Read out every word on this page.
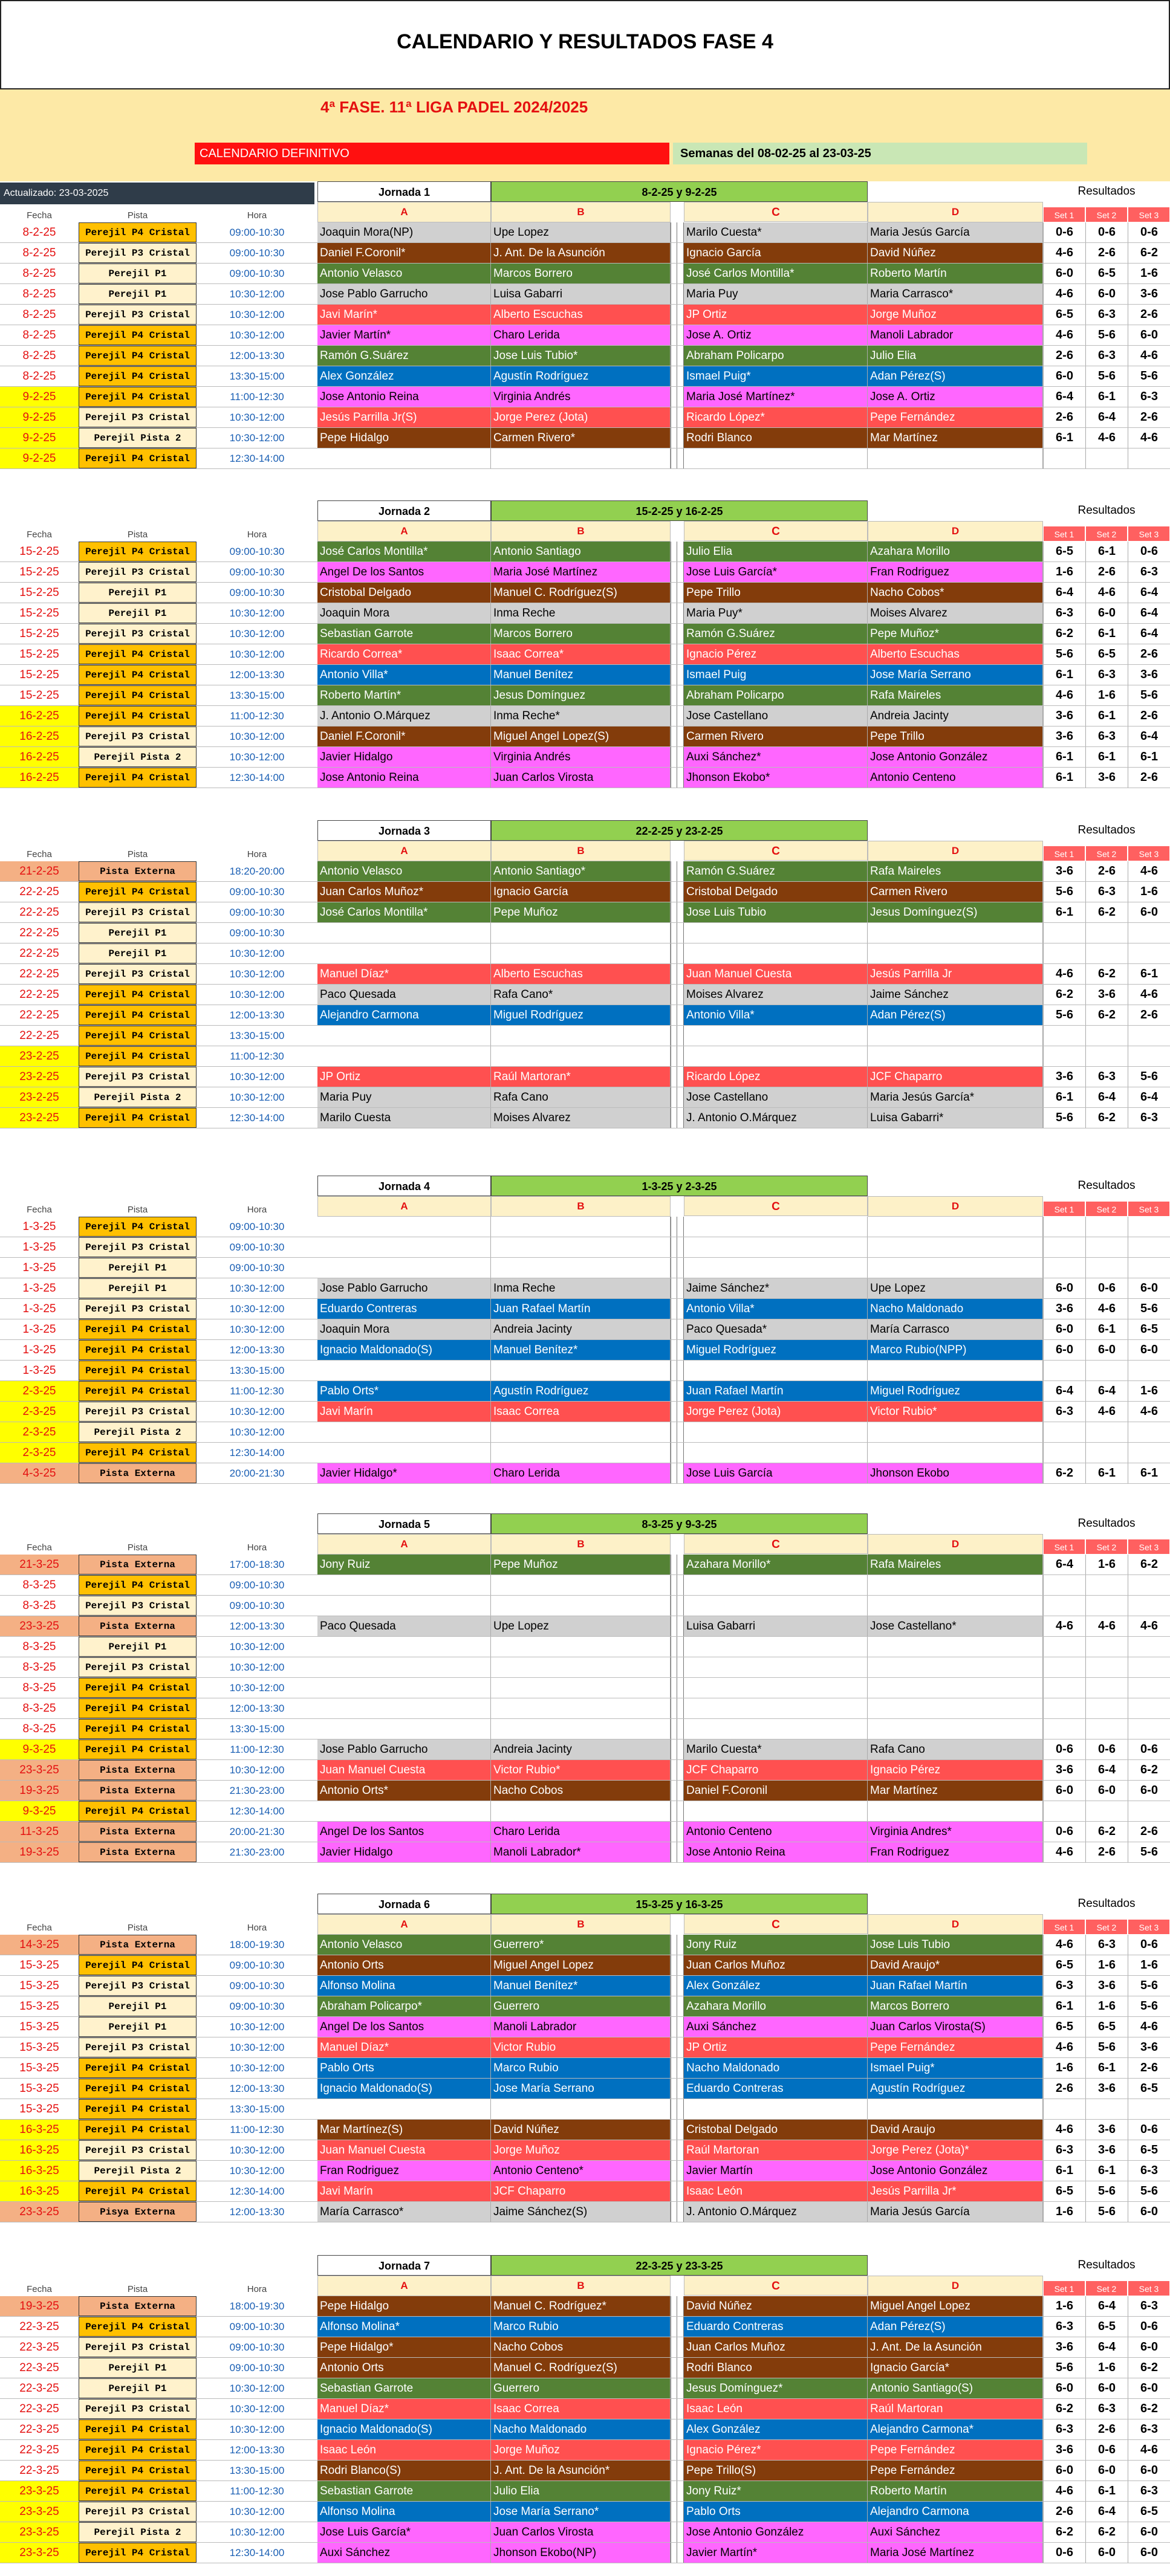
CALENDARIO Y RESULTADOS FASE 4
4ª FASE. 11ª LIGA PADEL 2024/2025
CALENDARIO DEFINITIVO	Semanas del 08-02-25 al 23-03-25
Actualizado: 23-03-2025	Jornada 1	8-2-25 y 9-2-25	Resultados
Fecha	Pista	Hora	A	B	C	D	Set 1	Set 2	Set 3
8-2-25	Perejil P4 Cristal	09:00-10:30	Joaquin Mora(NP)	Upe Lopez	Marilo Cuesta*	Maria Jesús García	0-6	0-6	0-6
8-2-25	Perejil P3 Cristal	09:00-10:30	Daniel F.Coronil*	J. Ant. De la Asunción	Ignacio García	David Núñez	4-6	2-6	6-2
8-2-25	Perejil P1	09:00-10:30	Antonio Velasco	Marcos Borrero	José Carlos Montilla*	Roberto Martín	6-0	6-5	1-6
8-2-25	Perejil P1	10:30-12:00	Jose Pablo Garrucho	Luisa Gabarri	Maria Puy	Maria Carrasco*	4-6	6-0	3-6
8-2-25	Perejil P3 Cristal	10:30-12:00	Javi Marín*	Alberto Escuchas	JP Ortiz	Jorge Muñoz	6-5	6-3	2-6
8-2-25	Perejil P4 Cristal	10:30-12:00	Javier Martín*	Charo Lerida	Jose A. Ortiz	Manoli Labrador	4-6	5-6	6-0
8-2-25	Perejil P4 Cristal	12:00-13:30	Ramón G.Suárez	Jose Luis Tubio*	Abraham Policarpo	Julio Elia	2-6	6-3	4-6
8-2-25	Perejil P4 Cristal	13:30-15:00	Alex González	Agustín Rodríguez	Ismael Puig*	Adan Pérez(S)	6-0	5-6	5-6
9-2-25	Perejil P4 Cristal	11:00-12:30	Jose Antonio Reina	Virginia Andrés	Maria José Martínez*	Jose A. Ortiz	6-4	6-1	6-3
9-2-25	Perejil P3 Cristal	10:30-12:00	Jesús Parrilla Jr(S)	Jorge Perez (Jota)	Ricardo López*	Pepe Fernández	2-6	6-4	2-6
9-2-25	Perejil Pista 2	10:30-12:00	Pepe Hidalgo	Carmen Rivero*	Rodri Blanco	Mar Martínez	6-1	4-6	4-6
9-2-25	Perejil P4 Cristal	12:30-14:00
Jornada 2	15-2-25 y 16-2-25	Resultados
Fecha	Pista	Hora	A	B	C	D	Set 1	Set 2	Set 3
15-2-25	Perejil P4 Cristal	09:00-10:30	José Carlos Montilla*	Antonio Santiago	Julio Elia	Azahara Morillo	6-5	6-1	0-6
15-2-25	Perejil P3 Cristal	09:00-10:30	Angel De los Santos	Maria José Martínez	Jose Luis García*	Fran Rodriguez	1-6	2-6	6-3
15-2-25	Perejil P1	09:00-10:30	Cristobal Delgado	Manuel C. Rodríguez(S)	Pepe Trillo	Nacho Cobos*	6-4	4-6	6-4
15-2-25	Perejil P1	10:30-12:00	Joaquin Mora	Inma Reche	Maria Puy*	Moises Alvarez	6-3	6-0	6-4
15-2-25	Perejil P3 Cristal	10:30-12:00	Sebastian Garrote	Marcos Borrero	Ramón G.Suárez	Pepe Muñoz*	6-2	6-1	6-4
15-2-25	Perejil P4 Cristal	10:30-12:00	Ricardo Correa*	Isaac Correa*	Ignacio Pérez	Alberto Escuchas	5-6	6-5	2-6
15-2-25	Perejil P4 Cristal	12:00-13:30	Antonio Villa*	Manuel Benítez	Ismael Puig	Jose María Serrano	6-1	6-3	3-6
15-2-25	Perejil P4 Cristal	13:30-15:00	Roberto Martín*	Jesus Domínguez	Abraham Policarpo	Rafa Maireles	4-6	1-6	5-6
16-2-25	Perejil P4 Cristal	11:00-12:30	J. Antonio O.Márquez	Inma Reche*	Jose Castellano	Andreia Jacinty	3-6	6-1	2-6
16-2-25	Perejil P3 Cristal	10:30-12:00	Daniel F.Coronil*	Miguel Angel Lopez(S)	Carmen Rivero	Pepe Trillo	3-6	6-3	6-4
16-2-25	Perejil Pista 2	10:30-12:00	Javier Hidalgo	Virginia Andrés	Auxi Sánchez*	Jose Antonio González	6-1	6-1	6-1
16-2-25	Perejil P4 Cristal	12:30-14:00	Jose Antonio Reina	Juan Carlos Virosta	Jhonson Ekobo*	Antonio Centeno	6-1	3-6	2-6
Jornada 3	22-2-25 y 23-2-25	Resultados
Fecha	Pista	Hora	A	B	C	D	Set 1	Set 2	Set 3
21-2-25	Pista Externa	18:20-20:00	Antonio Velasco	Antonio Santiago*	Ramón G.Suárez	Rafa Maireles	3-6	2-6	4-6
22-2-25	Perejil P4 Cristal	09:00-10:30	Juan Carlos Muñoz*	Ignacio García	Cristobal Delgado	Carmen Rivero	5-6	6-3	1-6
22-2-25	Perejil P3 Cristal	09:00-10:30	José Carlos Montilla*	Pepe Muñoz	Jose Luis Tubio	Jesus Domínguez(S)	6-1	6-2	6-0
22-2-25	Perejil P1	09:00-10:30
22-2-25	Perejil P1	10:30-12:00
22-2-25	Perejil P3 Cristal	10:30-12:00	Manuel Díaz*	Alberto Escuchas	Juan Manuel Cuesta	Jesús Parrilla Jr	4-6	6-2	6-1
22-2-25	Perejil P4 Cristal	10:30-12:00	Paco Quesada	Rafa Cano*	Moises Alvarez	Jaime Sánchez	6-2	3-6	4-6
22-2-25	Perejil P4 Cristal	12:00-13:30	Alejandro Carmona	Miguel Rodríguez	Antonio Villa*	Adan Pérez(S)	5-6	6-2	2-6
22-2-25	Perejil P4 Cristal	13:30-15:00
23-2-25	Perejil P4 Cristal	11:00-12:30
23-2-25	Perejil P3 Cristal	10:30-12:00	JP Ortiz	Raúl Martoran*	Ricardo López	JCF Chaparro	3-6	6-3	5-6
23-2-25	Perejil Pista 2	10:30-12:00	Maria Puy	Rafa Cano	Jose Castellano	Maria Jesús García*	6-1	6-4	6-4
23-2-25	Perejil P4 Cristal	12:30-14:00	Marilo Cuesta	Moises Alvarez	J. Antonio O.Márquez	Luisa Gabarri*	5-6	6-2	6-3
Jornada 4	1-3-25 y 2-3-25	Resultados
Fecha	Pista	Hora	A	B	C	D	Set 1	Set 2	Set 3
1-3-25	Perejil P4 Cristal	09:00-10:30
1-3-25	Perejil P3 Cristal	09:00-10:30
1-3-25	Perejil P1	09:00-10:30
1-3-25	Perejil P1	10:30-12:00	Jose Pablo Garrucho	Inma Reche	Jaime Sánchez*	Upe Lopez	6-0	0-6	6-0
1-3-25	Perejil P3 Cristal	10:30-12:00	Eduardo Contreras	Juan Rafael Martín	Antonio Villa*	Nacho Maldonado	3-6	4-6	5-6
1-3-25	Perejil P4 Cristal	10:30-12:00	Joaquin Mora	Andreia Jacinty	Paco Quesada*	María Carrasco	6-0	6-1	6-5
1-3-25	Perejil P4 Cristal	12:00-13:30	Ignacio Maldonado(S)	Manuel Benítez*	Miguel Rodríguez	Marco Rubio(NPP)	6-0	6-0	6-0
1-3-25	Perejil P4 Cristal	13:30-15:00
2-3-25	Perejil P4 Cristal	11:00-12:30	Pablo Orts*	Agustín Rodríguez	Juan Rafael Martín	Miguel Rodríguez	6-4	6-4	1-6
2-3-25	Perejil P3 Cristal	10:30-12:00	Javi Marín	Isaac Correa	Jorge Perez (Jota)	Victor Rubio*	6-3	4-6	4-6
2-3-25	Perejil Pista 2	10:30-12:00
2-3-25	Perejil P4 Cristal	12:30-14:00
4-3-25	Pista Externa	20:00-21:30	Javier Hidalgo*	Charo Lerida	Jose Luis García	Jhonson Ekobo	6-2	6-1	6-1
Jornada 5	8-3-25 y 9-3-25	Resultados
Fecha	Pista	Hora	A	B	C	D	Set 1	Set 2	Set 3
21-3-25	Pista Externa	17:00-18:30	Jony Ruiz	Pepe Muñoz	Azahara Morillo*	Rafa Maireles	6-4	1-6	6-2
8-3-25	Perejil P4 Cristal	09:00-10:30
8-3-25	Perejil P3 Cristal	09:00-10:30
23-3-25	Pista Externa	12:00-13:30	Paco Quesada	Upe Lopez	Luisa Gabarri	Jose Castellano*	4-6	4-6	4-6
8-3-25	Perejil P1	10:30-12:00
8-3-25	Perejil P3 Cristal	10:30-12:00
8-3-25	Perejil P4 Cristal	10:30-12:00
8-3-25	Perejil P4 Cristal	12:00-13:30
8-3-25	Perejil P4 Cristal	13:30-15:00
9-3-25	Perejil P4 Cristal	11:00-12:30	Jose Pablo Garrucho	Andreia Jacinty	Marilo Cuesta*	Rafa Cano	0-6	0-6	0-6
23-3-25	Pista Externa	10:30-12:00	Juan Manuel Cuesta	Victor Rubio*	JCF Chaparro	Ignacio Pérez	3-6	6-4	6-2
19-3-25	Pista Externa	21:30-23:00	Antonio Orts*	Nacho Cobos	Daniel F.Coronil	Mar Martínez	6-0	6-0	6-0
9-3-25	Perejil P4 Cristal	12:30-14:00
11-3-25	Pista Externa	20:00-21:30	Angel De los Santos	Charo Lerida	Antonio Centeno	Virginia Andres*	0-6	6-2	2-6
19-3-25	Pista Externa	21:30-23:00	Javier Hidalgo	Manoli Labrador*	Jose Antonio Reina	Fran Rodriguez	4-6	2-6	5-6
Jornada 6	15-3-25 y 16-3-25	Resultados
Fecha	Pista	Hora	A	B	C	D	Set 1	Set 2	Set 3
14-3-25	Pista Externa	18:00-19:30	Antonio Velasco	Guerrero*	Jony Ruiz	Jose Luis Tubio	4-6	6-3	0-6
15-3-25	Perejil P4 Cristal	09:00-10:30	Antonio Orts	Miguel Angel Lopez	Juan Carlos Muñoz	David Araujo*	6-5	1-6	1-6
15-3-25	Perejil P3 Cristal	09:00-10:30	Alfonso Molina	Manuel Benítez*	Alex González	Juan Rafael Martín	6-3	3-6	5-6
15-3-25	Perejil P1	09:00-10:30	Abraham Policarpo*	Guerrero	Azahara Morillo	Marcos Borrero	6-1	1-6	5-6
15-3-25	Perejil P1	10:30-12:00	Angel De los Santos	Manoli Labrador	Auxi Sánchez	Juan Carlos Virosta(S)	6-5	6-5	4-6
15-3-25	Perejil P3 Cristal	10:30-12:00	Manuel Díaz*	Victor Rubio	JP Ortiz	Pepe Fernández	4-6	5-6	3-6
15-3-25	Perejil P4 Cristal	10:30-12:00	Pablo Orts	Marco Rubio	Nacho Maldonado	Ismael Puig*	1-6	6-1	2-6
15-3-25	Perejil P4 Cristal	12:00-13:30	Ignacio Maldonado(S)	Jose María Serrano	Eduardo Contreras	Agustín Rodríguez	2-6	3-6	6-5
15-3-25	Perejil P4 Cristal	13:30-15:00
16-3-25	Perejil P4 Cristal	11:00-12:30	Mar Martínez(S)	David Núñez	Cristobal Delgado	David Araujo	4-6	3-6	0-6
16-3-25	Perejil P3 Cristal	10:30-12:00	Juan Manuel Cuesta	Jorge Muñoz	Raúl Martoran	Jorge Perez (Jota)*	6-3	3-6	6-5
16-3-25	Perejil Pista 2	10:30-12:00	Fran Rodriguez	Antonio Centeno*	Javier Martín	Jose Antonio González	6-1	6-1	6-3
16-3-25	Perejil P4 Cristal	12:30-14:00	Javi Marín	JCF Chaparro	Isaac León	Jesús Parrilla Jr*	6-5	5-6	5-6
23-3-25	Pisya Externa	12:00-13:30	María Carrasco*	Jaime Sánchez(S)	J. Antonio O.Márquez	Maria Jesús García	1-6	5-6	6-0
Jornada 7	22-3-25 y 23-3-25	Resultados
Fecha	Pista	Hora	A	B	C	D	Set 1	Set 2	Set 3
19-3-25	Pista Externa	18:00-19:30	Pepe Hidalgo	Manuel C. Rodríguez*	David Núñez	Miguel Angel Lopez	1-6	6-4	6-3
22-3-25	Perejil P4 Cristal	09:00-10:30	Alfonso Molina*	Marco Rubio	Eduardo Contreras	Adan Pérez(S)	6-3	6-5	0-6
22-3-25	Perejil P3 Cristal	09:00-10:30	Pepe Hidalgo*	Nacho Cobos	Juan Carlos Muñoz	J. Ant. De la Asunción	3-6	6-4	6-0
22-3-25	Perejil P1	09:00-10:30	Antonio Orts	Manuel C. Rodríguez(S)	Rodri Blanco	Ignacio García*	5-6	1-6	6-2
22-3-25	Perejil P1	10:30-12:00	Sebastian Garrote	Guerrero	Jesus Domínguez*	Antonio Santiago(S)	6-0	6-0	6-0
22-3-25	Perejil P3 Cristal	10:30-12:00	Manuel Díaz*	Isaac Correa	Isaac León	Raúl Martoran	6-2	6-3	6-2
22-3-25	Perejil P4 Cristal	10:30-12:00	Ignacio Maldonado(S)	Nacho Maldonado	Alex González	Alejandro Carmona*	6-3	2-6	6-3
22-3-25	Perejil P4 Cristal	12:00-13:30	Isaac León	Jorge Muñoz	Ignacio Pérez*	Pepe Fernández	3-6	0-6	4-6
22-3-25	Perejil P4 Cristal	13:30-15:00	Rodri Blanco(S)	J. Ant. De la Asunción*	Pepe Trillo(S)	Pepe Fernández	6-0	6-0	6-0
23-3-25	Perejil P4 Cristal	11:00-12:30	Sebastian Garrote	Julio Elia	Jony Ruiz*	Roberto Martín	4-6	6-1	6-3
23-3-25	Perejil P3 Cristal	10:30-12:00	Alfonso Molina	Jose María Serrano*	Pablo Orts	Alejandro Carmona	2-6	6-4	6-5
23-3-25	Perejil Pista 2	10:30-12:00	Jose Luis García*	Juan Carlos Virosta	Jose Antonio González	Auxi Sánchez	6-2	6-2	6-0
23-3-25	Perejil P4 Cristal	12:30-14:00	Auxi Sánchez	Jhonson Ekobo(NP)	Javier Martín*	Maria José Martínez	0-6	6-0	6-0
